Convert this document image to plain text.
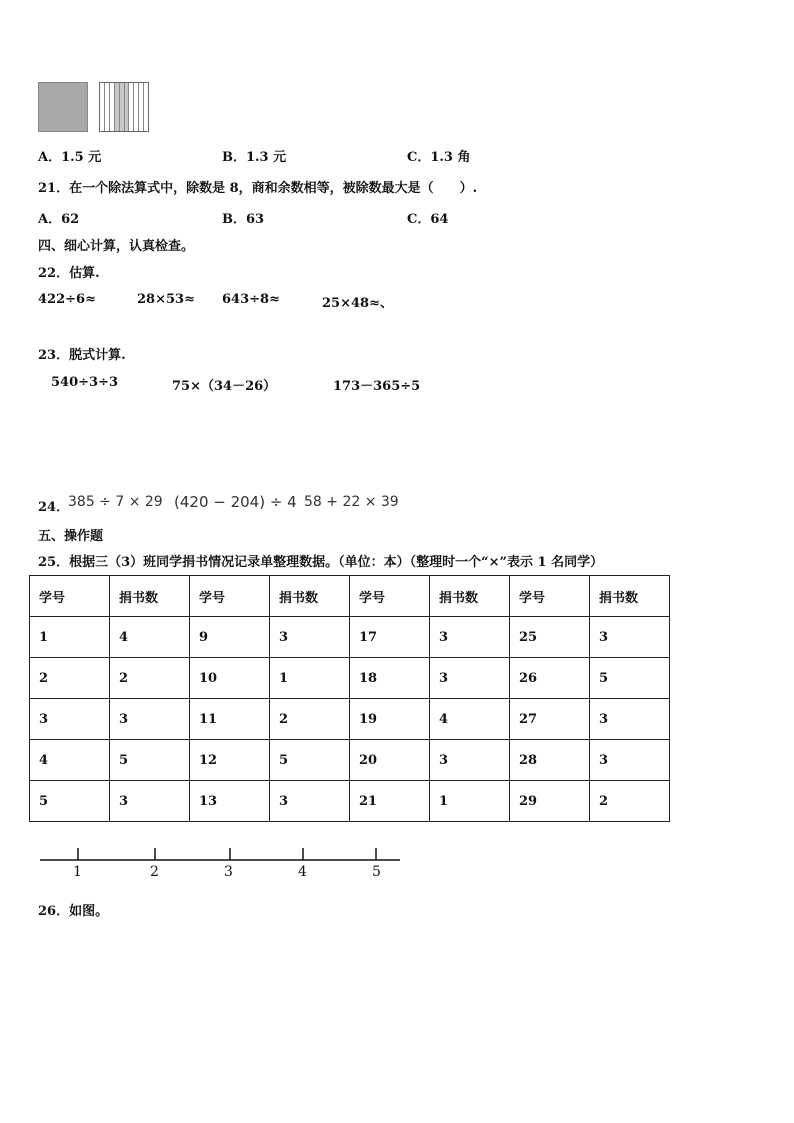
A．1.5 元	B．1.3 元	C．1.3 角
21．在一个除法算式中，除数是 8，商和余数相等，被除数最大是（　　）.
A．62	B．63	C．64
四、细心计算，认真检查。
22．估算.
422÷6≈	28×53≈ 643÷8≈	25×48≈、
23．脱式计算.
540÷3÷3	75×（34－26）	173－365÷5
24．
385 ÷ 7 × 29 (420 − 204) ÷ 4 58 + 22 × 39
五、操作题
25．根据三（3）班同学捐书情况记录单整理数据。（单位：本）（整理时一个“×”表示 1 名同学）
学号	捐书数	学号	捐书数	学号	捐书数	学号	捐书数
1	4	9	3	17	3	25	3
2	2	10	1	18	3	26	5
3	3	11	2	19	4	27	3
4	5	12	5	20	3	28	3
5	3	13	3	21	1	29	2
1	2	3	4	5
26．如图。
